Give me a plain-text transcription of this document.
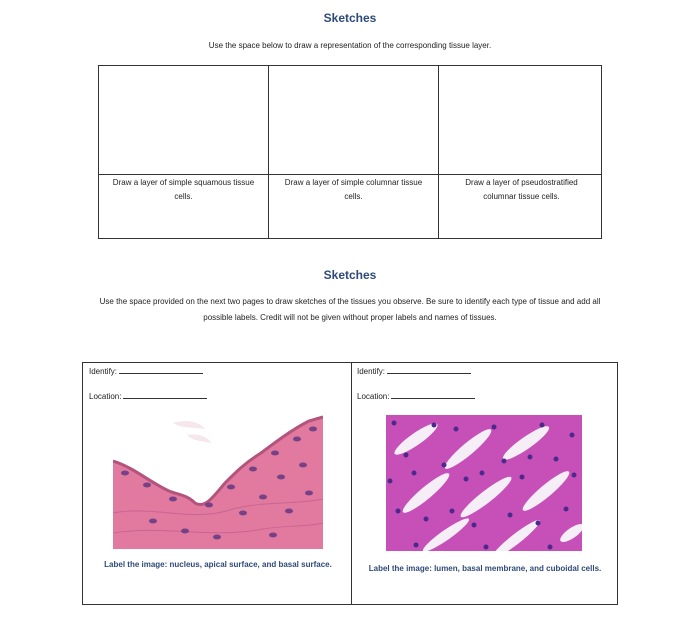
Sketches
Use the space below to draw a representation of the corresponding tissue layer.
Draw a layer of simple squamous tissue cells.
Draw a layer of simple columnar tissue cells.
Draw a layer of pseudostratified columnar tissue cells.
Sketches
Use the space provided on the next two pages to draw sketches of the tissues you observe. Be sure to identify each type of tissue and add all possible labels. Credit will not be given without proper labels and names of tissues.
Identify:
Location:
Label the image: nucleus, apical surface, and basal surface.
Identify:
Location:
Label the image: lumen, basal membrane, and cuboidal cells.
